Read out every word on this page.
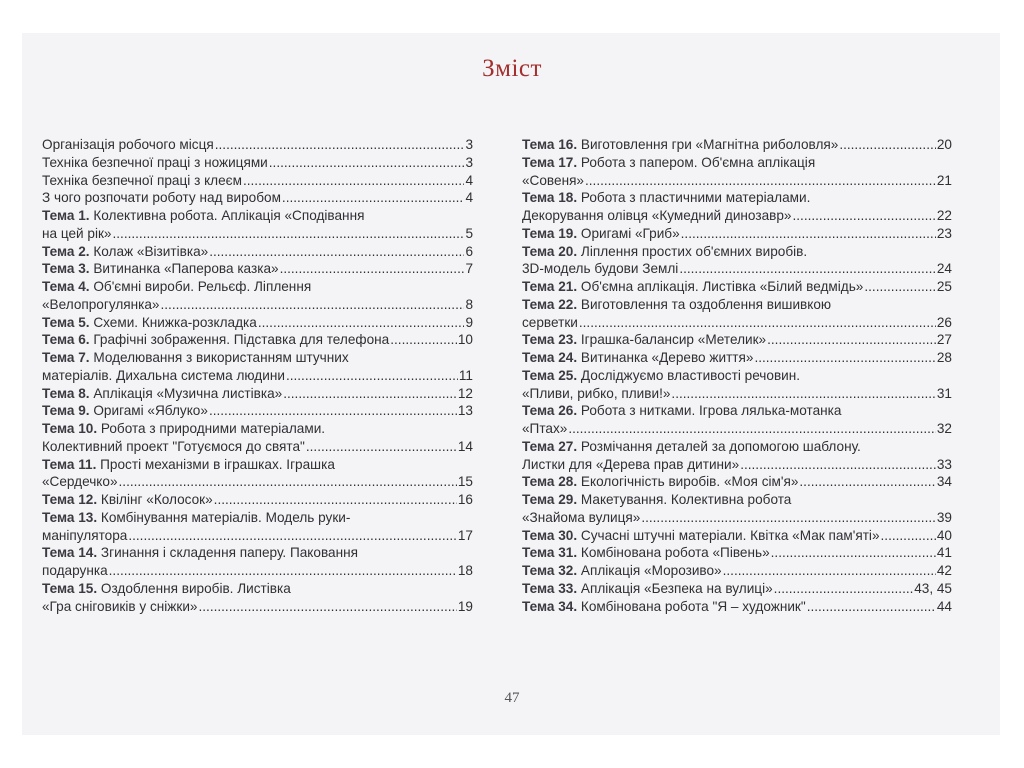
Зміст
Організація робочого місця .....	3
Техніка безпечної праці з ножицями .....	3
Техніка безпечної праці з клеєм .....	4
З чого розпочати роботу над виробом .....	4
Тема 1. Колективна робота. Аплікація «Сподівання
на цей рік» .....	5
Тема 2. Колаж «Візитівка» .....	6
Тема 3. Витинанка «Паперова казка» .....	7
Тема 4. Об'ємні вироби. Рельєф. Ліплення
«Велопрогулянка» .....	8
Тема 5. Схеми. Книжка-розкладка .....	9
Тема 6. Графічні зображення. Підставка для телефона .....	10
Тема 7. Моделювання з використанням штучних
матеріалів. Дихальна система людини .....	11
Тема 8. Аплікація «Музична листівка» .....	12
Тема 9. Оригамі «Яблуко» .....	13
Тема 10. Робота з природними матеріалами.
Колективний проект "Готуємося до свята" .....	14
Тема 11. Прості механізми в іграшках. Іграшка
«Сердечко» .....	15
Тема 12. Квілінг «Колосок» .....	16
Тема 13. Комбінування матеріалів. Модель руки-
маніпулятора .....	17
Тема 14. Згинання і складення паперу. Паковання
подарунка .....	18
Тема 15. Оздоблення виробів. Листівка
«Гра сніговиків у сніжки» .....	19
Тема 16. Виготовлення гри «Магнітна риболовля» .....	20
Тема 17. Робота з папером. Об'ємна аплікація
«Совеня» .....	21
Тема 18. Робота з пластичними матеріалами.
Декорування олівця «Кумедний динозавр» .....	22
Тема 19. Оригамі «Гриб» .....	23
Тема 20. Ліплення простих об'ємних виробів.
3D-модель будови Землі .....	24
Тема 21. Об'ємна аплікація. Листівка «Білий ведмідь» .....	25
Тема 22. Виготовлення та оздоблення вишивкою
серветки .....	26
Тема 23. Іграшка-балансир «Метелик» .....	27
Тема 24. Витинанка «Дерево життя» .....	28
Тема 25. Досліджуємо властивості речовин.
«Пливи, рибко, пливи!» .....	31
Тема 26. Робота з нитками. Ігрова лялька-мотанка
«Птах» .....	32
Тема 27. Розмічання деталей за допомогою шаблону.
Листки для «Дерева прав дитини» .....	33
Тема 28. Екологічність виробів. «Моя сім'я» .....	34
Тема 29. Макетування. Колективна робота
«Знайома вулиця» .....	39
Тема 30. Сучасні штучні матеріали. Квітка «Мак пам'яті» .....	40
Тема 31. Комбінована робота «Півень» .....	41
Тема 32. Аплікація «Морозиво» .....	42
Тема 33. Аплікація «Безпека на вулиці» .....	43, 45
Тема 34. Комбінована робота "Я – художник" .....	44
47
